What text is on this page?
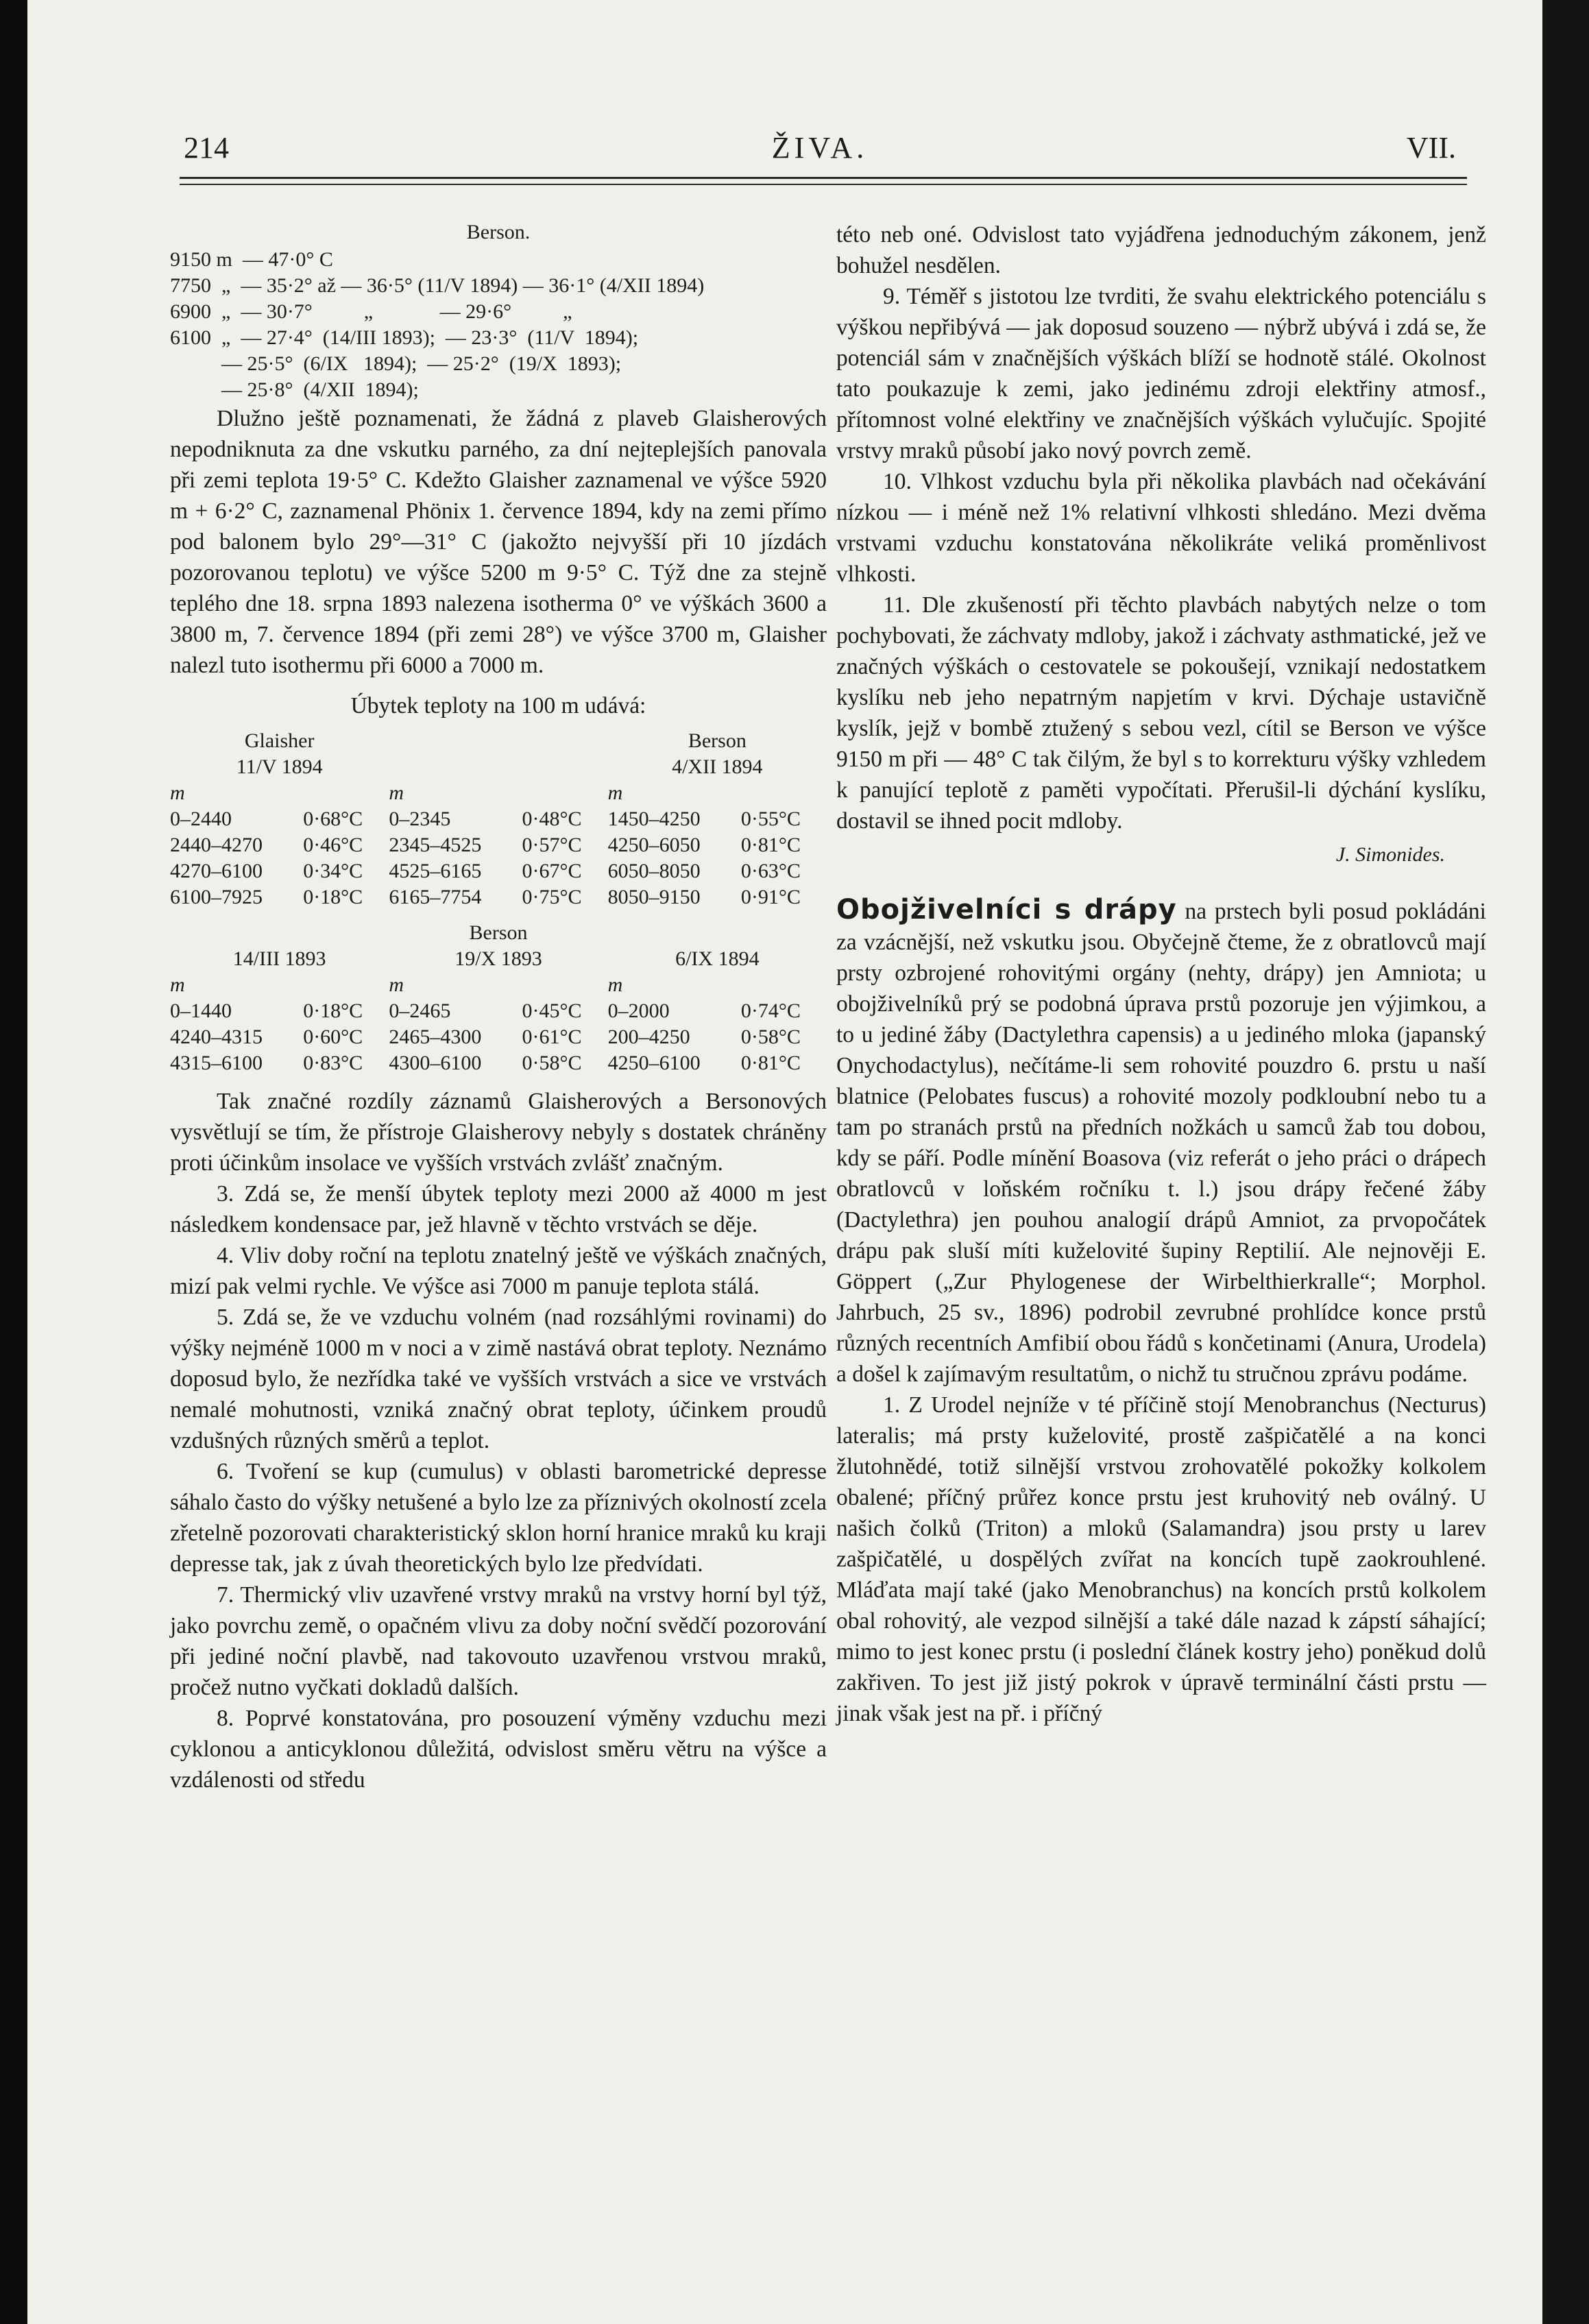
214	ŽIVA.	VII.
Berson.
9150 m  — 47·0° C
7750  „  — 35·2° až — 36·5° (11/V 1894) — 36·1° (4/XII 1894)
6900  „  — 30·7°          „             — 29·6°          „
6100  „  — 27·4°  (14/III 1893);  — 23·3°  (11/V  1894);
— 25·5°  (6/IX   1894);  — 25·2°  (19/X  1893);
— 25·8°  (4/XII  1894);

Dlužno ještě poznamenati, že žádná z plaveb Glaisherových nepodniknuta za dne vskutku parného, za dní nejteplejších panovala při zemi teplota 19·5° C. Kdežto Glaisher zaznamenal ve výšce 5920 m + 6·2° C, zaznamenal Phönix 1. července 1894, kdy na zemi přímo pod balonem bylo 29°—31° C (jakožto nejvyšší při 10 jízdách pozorovanou teplotu) ve výšce 5200 m 9·5° C. Týž dne za stejně teplého dne 18. srpna 1893 nalezena isotherma 0° ve výškách 3600 a 3800 m, 7. července 1894 (při zemi 28°) ve výšce 3700 m, Glaisher nalezl tuto isothermu při 6000 a 7000 m.

Úbytek teploty na 100 m udává:

Glaisher				Berson	
11/V 1894				4/XII 1894	
m		m		m	
0–2440	0·68°C	0–2345	0·48°C	1450–4250	0·55°C
2440–4270	0·46°C	2345–4525	0·57°C	4250–6050	0·81°C
4270–6100	0·34°C	4525–6165	0·67°C	6050–8050	0·63°C
6100–7925	0·18°C	6165–7754	0·75°C	8050–9150	0·91°C
Berson					
14/III 1893		19/X 1893		6/IX 1894	
m		m		m	
0–1440	0·18°C	0–2465	0·45°C	0–2000	0·74°C
4240–4315	0·60°C	2465–4300	0·61°C	200–4250	0·58°C
4315–6100	0·83°C	4300–6100	0·58°C	4250–6100	0·81°C

Tak značné rozdíly záznamů Glaisherových a Bersonových vysvětlují se tím, že přístroje Glaisherovy nebyly s dostatek chráněny proti účinkům insolace ve vyšších vrstvách zvlášť značným.

3. Zdá se, že menší úbytek teploty mezi 2000 až 4000 m jest následkem kondensace par, jež hlavně v těchto vrstvách se děje.

4. Vliv doby roční na teplotu znatelný ještě ve výškách značných, mizí pak velmi rychle. Ve výšce asi 7000 m panuje teplota stálá.

5. Zdá se, že ve vzduchu volném (nad rozsáhlými rovinami) do výšky nejméně 1000 m v noci a v zimě nastává obrat teploty. Neznámo doposud bylo, že nezřídka také ve vyšších vrstvách a sice ve vrstvách nemalé mohutnosti, vzniká značný obrat teploty, účinkem proudů vzdušných různých směrů a teplot.

6. Tvoření se kup (cumulus) v oblasti barometrické depresse sáhalo často do výšky netušené a bylo lze za příznivých okolností zcela zřetelně pozorovati charakteristický sklon horní hranice mraků ku kraji depresse tak, jak z úvah theoretických bylo lze předvídati.

7. Thermický vliv uzavřené vrstvy mraků na vrstvy horní byl týž, jako povrchu země, o opačném vlivu za doby noční svědčí pozorování při jediné noční plavbě, nad takovouto uzavřenou vrstvou mraků, pročež nutno vyčkati dokladů dalších.

8. Poprvé konstatována, pro posouzení výměny vzduchu mezi cyklonou a anticyklonou důležitá, odvislost směru větru na výšce a vzdálenosti od středu

této neb oné. Odvislost tato vyjádřena jednoduchým zákonem, jenž bohužel nesdělen.

9. Téměř s jistotou lze tvrditi, že svahu elektrického potenciálu s výškou nepřibývá — jak doposud souzeno — nýbrž ubývá i zdá se, že potenciál sám v značnějších výškách blíží se hodnotě stálé. Okolnost tato poukazuje k zemi, jako jedinému zdroji elektřiny atmosf., přítomnost volné elektřiny ve značnějších výškách vylučujíc. Spojité vrstvy mraků působí jako nový povrch země.

10. Vlhkost vzduchu byla při několika plavbách nad očekávání nízkou — i méně než 1% relativní vlhkosti shledáno. Mezi dvěma vrstvami vzduchu konstatována několikráte veliká proměnlivost vlhkosti.

11. Dle zkušeností při těchto plavbách nabytých nelze o tom pochybovati, že záchvaty mdloby, jakož i záchvaty asthmatické, jež ve značných výškách o cestovatele se pokoušejí, vznikají nedostatkem kyslíku neb jeho nepatrným napjetím v krvi. Dýchaje ustavičně kyslík, jejž v bombě ztužený s sebou vezl, cítil se Berson ve výšce 9150 m při — 48° C tak čilým, že byl s to korrekturu výšky vzhledem k panující teplotě z paměti vypočítati. Přerušil-li dýchání kyslíku, dostavil se ihned pocit mdloby.

J. Simonides.

Obojživelníci s drápy na prstech byli posud pokládáni za vzácnější, než vskutku jsou. Obyčejně čteme, že z obratlovců mají prsty ozbrojené rohovitými orgány (nehty, drápy) jen Amniota; u obojživelníků prý se podobná úprava prstů pozoruje jen výjimkou, a to u jediné žáby (Dactylethra capensis) a u jediného mloka (japanský Onychodactylus), nečítáme-li sem rohovité pouzdro 6. prstu u naší blatnice (Pelobates fuscus) a rohovité mozoly podkloubní nebo tu a tam po stranách prstů na předních nožkách u samců žab tou dobou, kdy se páří. Podle mínění Boasova (viz referát o jeho práci o drápech obratlovců v loňském ročníku t. l.) jsou drápy řečené žáby (Dactylethra) jen pouhou analogií drápů Amniot, za prvopočátek drápu pak sluší míti kuželovité šupiny Reptilií. Ale nejnověji E. Göppert („Zur Phylogenese der Wirbelthierkralle“; Morphol. Jahrbuch, 25 sv., 1896) podrobil zevrubné prohlídce konce prstů různých recentních Amfibií obou řádů s končetinami (Anura, Urodela) a došel k zajímavým resultatům, o nichž tu stručnou zprávu podáme.

1. Z Urodel nejníže v té příčině stojí Menobranchus (Necturus) lateralis; má prsty kuželovité, prostě zašpičatělé a na konci žlutohnědé, totiž silnější vrstvou zrohovatělé pokožky kolkolem obalené; příčný průřez konce prstu jest kruhovitý neb oválný. U našich čolků (Triton) a mloků (Salamandra) jsou prsty u larev zašpičatělé, u dospělých zvířat na koncích tupě zaokrouhlené. Mláďata mají také (jako Menobranchus) na koncích prstů kolkolem obal rohovitý, ale vezpod silnější a také dále nazad k zápstí sáhající; mimo to jest konec prstu (i poslední článek kostry jeho) poněkud dolů zakřiven. To jest již jistý pokrok v úpravě terminální části prstu — jinak však jest na př. i příčný
